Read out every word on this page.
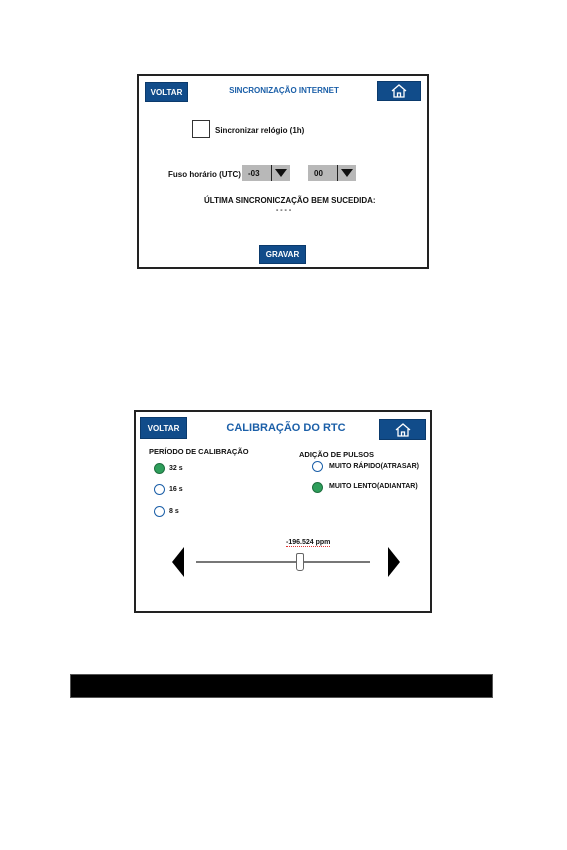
VOLTAR	SINCRONIZAÇÃO INTERNET
Sincronizar relógio (1h)
Fuso horário (UTC) -03	00
ÚLTIMA SINCRONICZAÇÃO BEM SUCEDIDA:
- - - -
GRAVAR
VOLTAR	CALIBRAÇÃO DO RTC
PERÍODO DE CALIBRAÇÃO
32 s
16 s
8 s
ADIÇÃO DE PULSOS
MUITO RÁPIDO(ATRASAR)
MUITO LENTO(ADIANTAR)
-196.524 ppm
